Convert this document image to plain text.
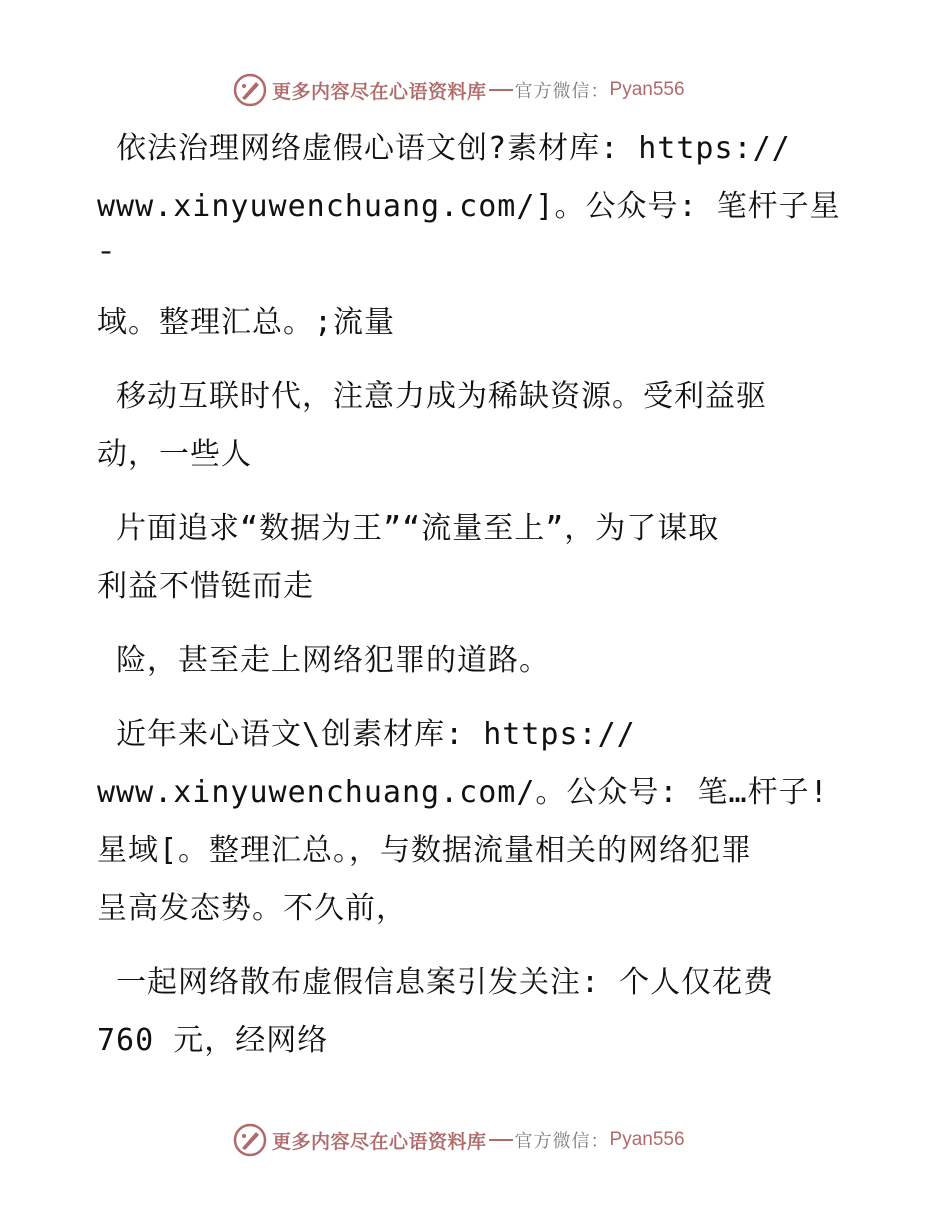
更多内容尽在心语资料库 官方微信： Pyan556

依法治理网络虚假心语文创?素材库: https://
www.xinyuwenchuang.com/]。公众号: 笔杆子星¯
域。整理汇总。;流量

移动互联时代，注意力成为稀缺资源。受利益驱
动，一些人

片面追求“数据为王”“流量至上”，为了谋取
利益不惜铤而走

险，甚至走上网络犯罪的道路。

近年来心语文\创素材库: https://
www.xinyuwenchuang.com/。公众号: 笔…杆子!
星域[。整理汇总。，与数据流量相关的网络犯罪
呈高发态势。不久前，

一起网络散布虚假信息案引发关注: 个人仅花费
760 元，经网络

更多内容尽在心语资料库 官方微信： Pyan556
